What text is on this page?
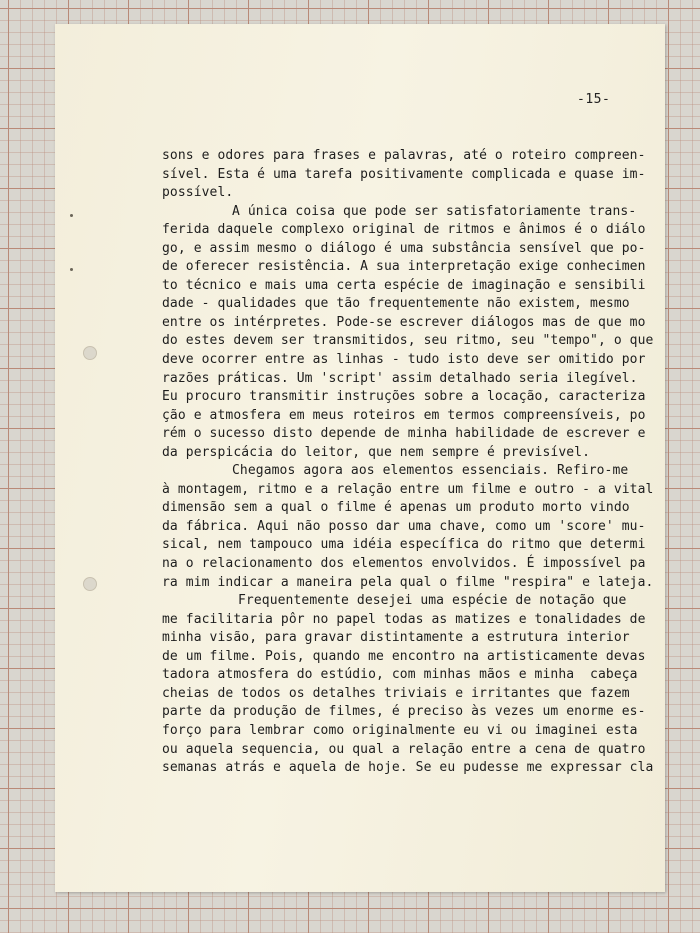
-15-
sons e odores para frases e palavras, até o roteiro compreen-
sível. Esta é uma tarefa positivamente complicada e quase im-
possível.
A única coisa que pode ser satisfatoriamente trans-
ferida daquele complexo original de ritmos e ânimos é o diálo
go, e assim mesmo o diálogo é uma substância sensível que po-
de oferecer resistência. A sua interpretação exige conhecimen
to técnico e mais uma certa espécie de imaginação e sensibili
dade - qualidades que tão frequentemente não existem, mesmo
entre os intérpretes. Pode-se escrever diálogos mas de que mo
do estes devem ser transmitidos, seu ritmo, seu "tempo", o que
deve ocorrer entre as linhas - tudo isto deve ser omitido por
razões práticas. Um 'script' assim detalhado seria ilegível.
Eu procuro transmitir instruções sobre a locação, caracteriza
ção e atmosfera em meus roteiros em termos compreensíveis, po
rém o sucesso disto depende de minha habilidade de escrever e
da perspicácia do leitor, que nem sempre é previsível.
Chegamos agora aos elementos essenciais. Refiro-me
à montagem, ritmo e a relação entre um filme e outro - a vital
dimensão sem a qual o filme é apenas um produto morto vindo
da fábrica. Aqui não posso dar uma chave, como um 'score' mu-
sical, nem tampouco uma idéia específica do ritmo que determi
na o relacionamento dos elementos envolvidos. É impossível pa
ra mim indicar a maneira pela qual o filme "respira" e lateja.
Frequentemente desejei uma espécie de notação que
me facilitaria pôr no papel todas as matizes e tonalidades de
minha visão, para gravar distintamente a estrutura interior
de um filme. Pois, quando me encontro na artisticamente devas
tadora atmosfera do estúdio, com minhas mãos e minha  cabeça
cheias de todos os detalhes triviais e irritantes que fazem
parte da produção de filmes, é preciso às vezes um enorme es-
forço para lembrar como originalmente eu vi ou imaginei esta
ou aquela sequencia, ou qual a relação entre a cena de quatro
semanas atrás e aquela de hoje. Se eu pudesse me expressar cla
